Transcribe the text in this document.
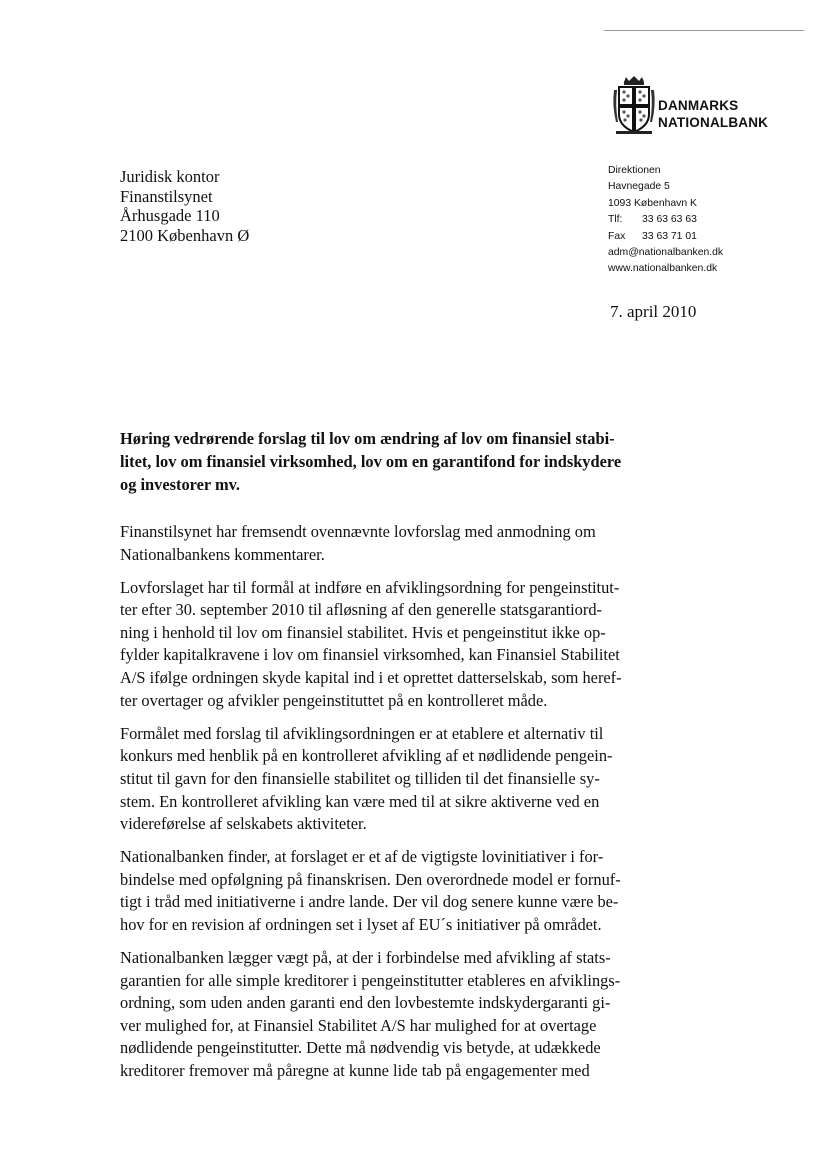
DANMARKS
NATIONALBANK
Juridisk kontor
Finanstilsynet
Århusgade 110
2100 København Ø
Direktionen
Havnegade 5
1093 København K
Tlf: 33 63 63 63
Fax 33 63 71 01
adm@nationalbanken.dk
www.nationalbanken.dk
7. april 2010
Høring vedrørende forslag til lov om ændring af lov om finansiel stabi-
litet, lov om finansiel virksomhed, lov om en garantifond for indskydere
og investorer mv.
Finanstilsynet har fremsendt ovennævnte lovforslag med anmodning om
Nationalbankens kommentarer.
Lovforslaget har til formål at indføre en afviklingsordning for pengeinstitut-
ter efter 30. september 2010 til afløsning af den generelle statsgarantiord-
ning i henhold til lov om finansiel stabilitet. Hvis et pengeinstitut ikke op-
fylder kapitalkravene i lov om finansiel virksomhed, kan Finansiel Stabilitet
A/S ifølge ordningen skyde kapital ind i et oprettet datterselskab, som heref-
ter overtager og afvikler pengeinstituttet på en kontrolleret måde.
Formålet med forslag til afviklingsordningen er at etablere et alternativ til
konkurs med henblik på en kontrolleret afvikling af et nødlidende pengein-
stitut til gavn for den finansielle stabilitet og tilliden til det finansielle sy-
stem. En kontrolleret afvikling kan være med til at sikre aktiverne ved en
videreførelse af selskabets aktiviteter.
Nationalbanken finder, at forslaget er et af de vigtigste lovinitiativer i for-
bindelse med opfølgning på finanskrisen. Den overordnede model er fornuf-
tigt i tråd med initiativerne i andre lande. Der vil dog senere kunne være be-
hov for en revision af ordningen set i lyset af EU´s initiativer på området.
Nationalbanken lægger vægt på, at der i forbindelse med afvikling af stats-
garantien for alle simple kreditorer i pengeinstitutter etableres en afviklings-
ordning, som uden anden garanti end den lovbestemte indskydergaranti gi-
ver mulighed for, at Finansiel Stabilitet A/S har mulighed for at overtage
nødlidende pengeinstitutter. Dette må nødvendig vis betyde, at udækkede
kreditorer fremover må påregne at kunne lide tab på engagementer med
